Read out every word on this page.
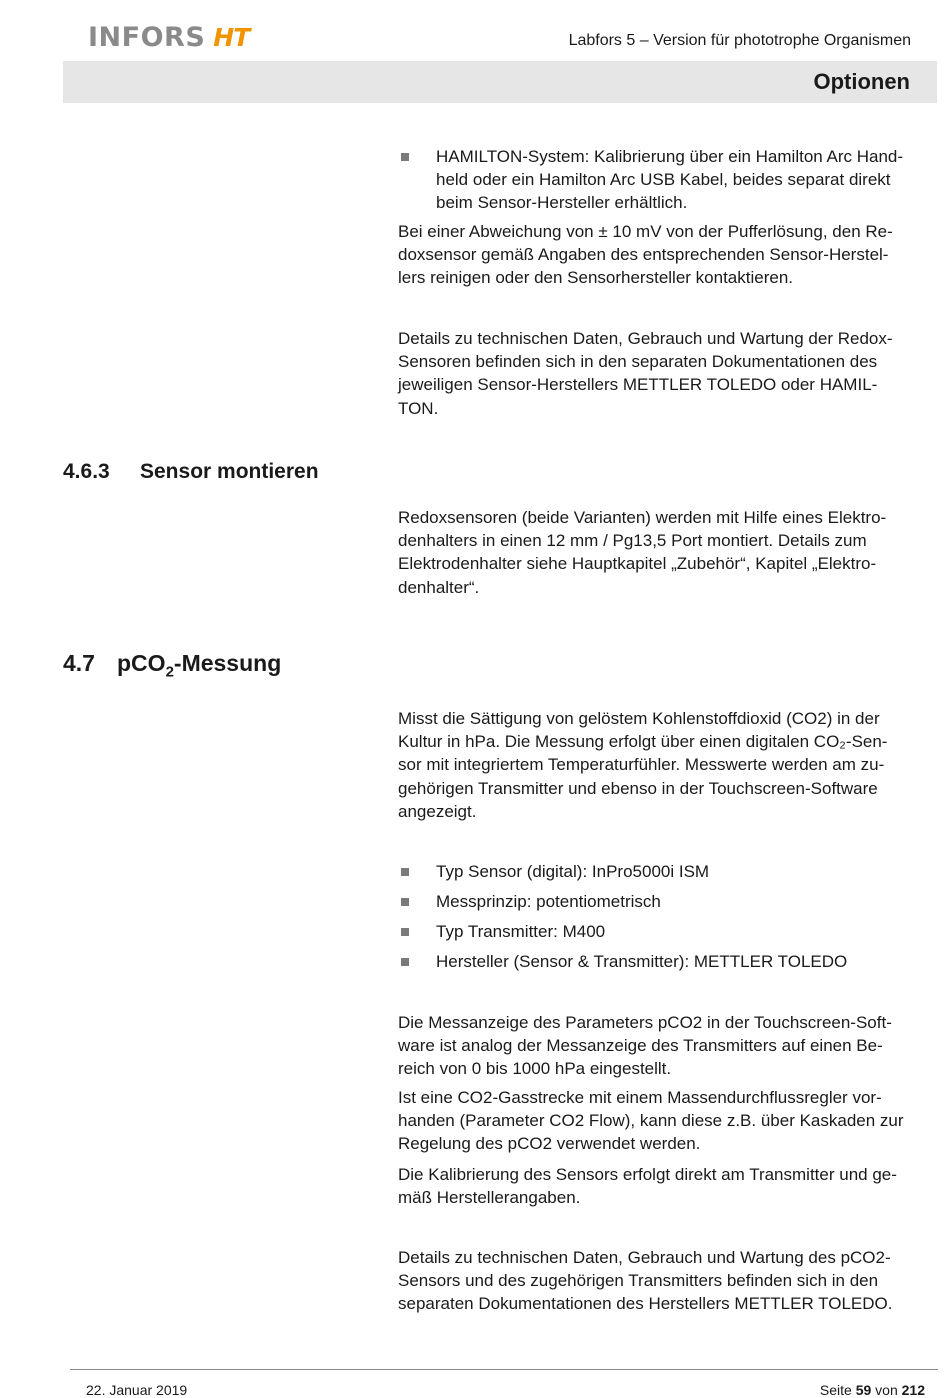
INFORS HT	Labfors 5 – Version für phototrophe Organismen
Optionen
HAMILTON-System: Kalibrierung über ein Hamilton Arc Hand-
held oder ein Hamilton Arc USB Kabel, beides separat direkt
beim Sensor-Hersteller erhältlich.
Bei einer Abweichung von ± 10 mV von der Pufferlösung, den Re-
doxsensor gemäß Angaben des entsprechenden Sensor-Herstel-
lers reinigen oder den Sensorhersteller kontaktieren.
Details zu technischen Daten, Gebrauch und Wartung der Redox-
Sensoren befinden sich in den separaten Dokumentationen des
jeweiligen Sensor-Herstellers METTLER TOLEDO oder HAMIL-
TON.
4.6.3 Sensor montieren
Redoxsensoren (beide Varianten) werden mit Hilfe eines Elektro-
denhalters in einen 12 mm / Pg13,5 Port montiert. Details zum
Elektrodenhalter siehe Hauptkapitel „Zubehör“, Kapitel „Elektro-
denhalter“.
4.7 pCO$_2$-Messung
Misst die Sättigung von gelöstem Kohlenstoffdioxid (CO2) in der
Kultur in hPa. Die Messung erfolgt über einen digitalen CO₂-Sen-
sor mit integriertem Temperaturfühler. Messwerte werden am zu-
gehörigen Transmitter und ebenso in der Touchscreen-Software
angezeigt.
Typ Sensor (digital): InPro5000i ISM
Messprinzip: potentiometrisch
Typ Transmitter: M400
Hersteller (Sensor & Transmitter): METTLER TOLEDO
Die Messanzeige des Parameters pCO2 in der Touchscreen-Soft-
ware ist analog der Messanzeige des Transmitters auf einen Be-
reich von 0 bis 1000 hPa eingestellt.
Ist eine CO2-Gasstrecke mit einem Massendurchflussregler vor-
handen (Parameter CO2 Flow), kann diese z.B. über Kaskaden zur
Regelung des pCO2 verwendet werden.
Die Kalibrierung des Sensors erfolgt direkt am Transmitter und ge-
mäß Herstellerangaben.
Details zu technischen Daten, Gebrauch und Wartung des pCO2-
Sensors und des zugehörigen Transmitters befinden sich in den
separaten Dokumentationen des Herstellers METTLER TOLEDO.
22. Januar 2019	Seite 59 von 212
